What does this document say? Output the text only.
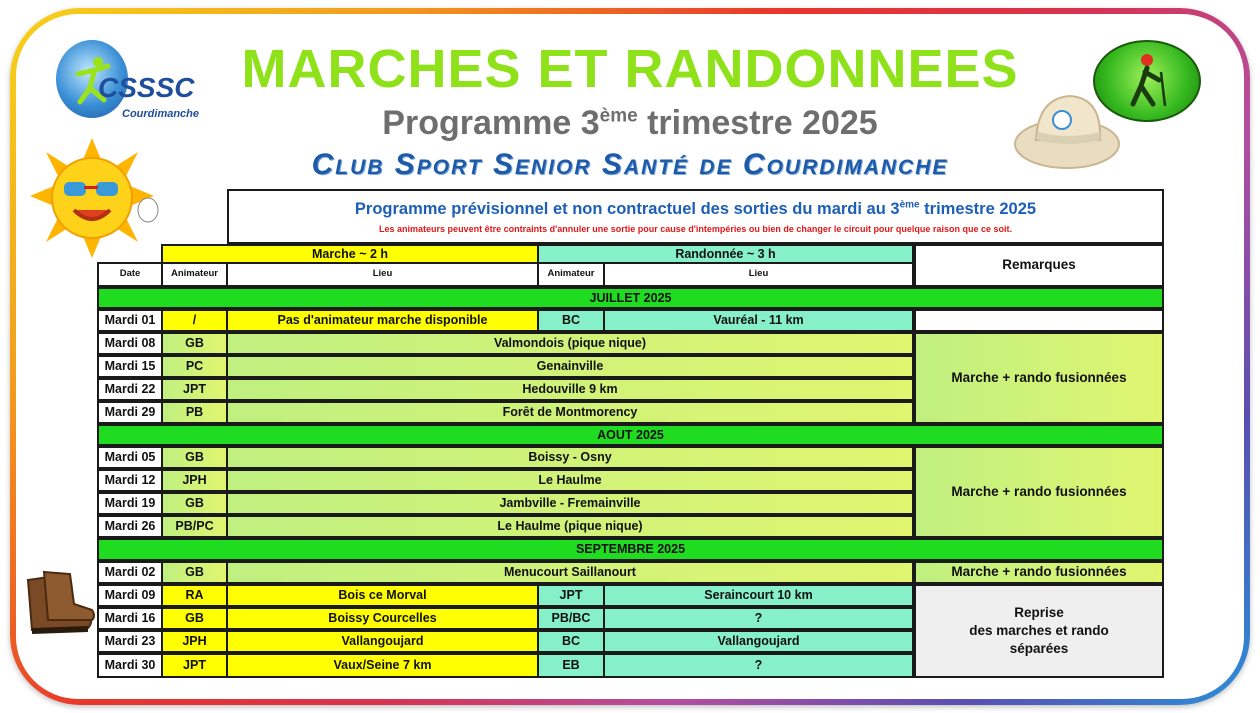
MARCHES ET RANDONNEES
Programme 3ème trimestre 2025
Club Sport Senior Santé de Courdimanche
CSSSC
Courdimanche
Programme prévisionnel et non contractuel des sorties du mardi au 3ème trimestre 2025
Les animateurs peuvent être contraints d'annuler une sortie pour cause d'intempéries ou bien de changer le circuit pour quelque raison que ce soit.
Marche ~ 2 h	Randonnée ~ 3 h
Remarques
Date	Animateur	Lieu	Animateur	Lieu
JUILLET 2025
Mardi 01	/	Pas d'animateur marche disponible	BC	Vauréal - 11 km
Mardi 08	GB	Valmondois (pique nique)
Mardi 15	PC	Genainville
Mardi 22	JPT	Hedouville 9 km
Mardi 29	PB	Forêt de Montmorency
Marche + rando fusionnées
AOUT 2025
Mardi 05	GB	Boissy - Osny
Mardi 12	JPH	Le Haulme
Mardi 19	GB	Jambville - Fremainville
Mardi 26	PB/PC	Le Haulme (pique nique)
Marche + rando fusionnées
SEPTEMBRE 2025
Mardi 02	GB	Menucourt Saillanourt	Marche + rando fusionnées
Mardi 09	RA	Bois ce Morval	JPT	Seraincourt 10 km
Mardi 16	GB	Boissy Courcelles	PB/BC	?
Mardi 23	JPH	Vallangoujard	BC	Vallangoujard
Mardi 30	JPT	Vaux/Seine 7 km	EB	?
Reprise
des marches et rando
séparées
